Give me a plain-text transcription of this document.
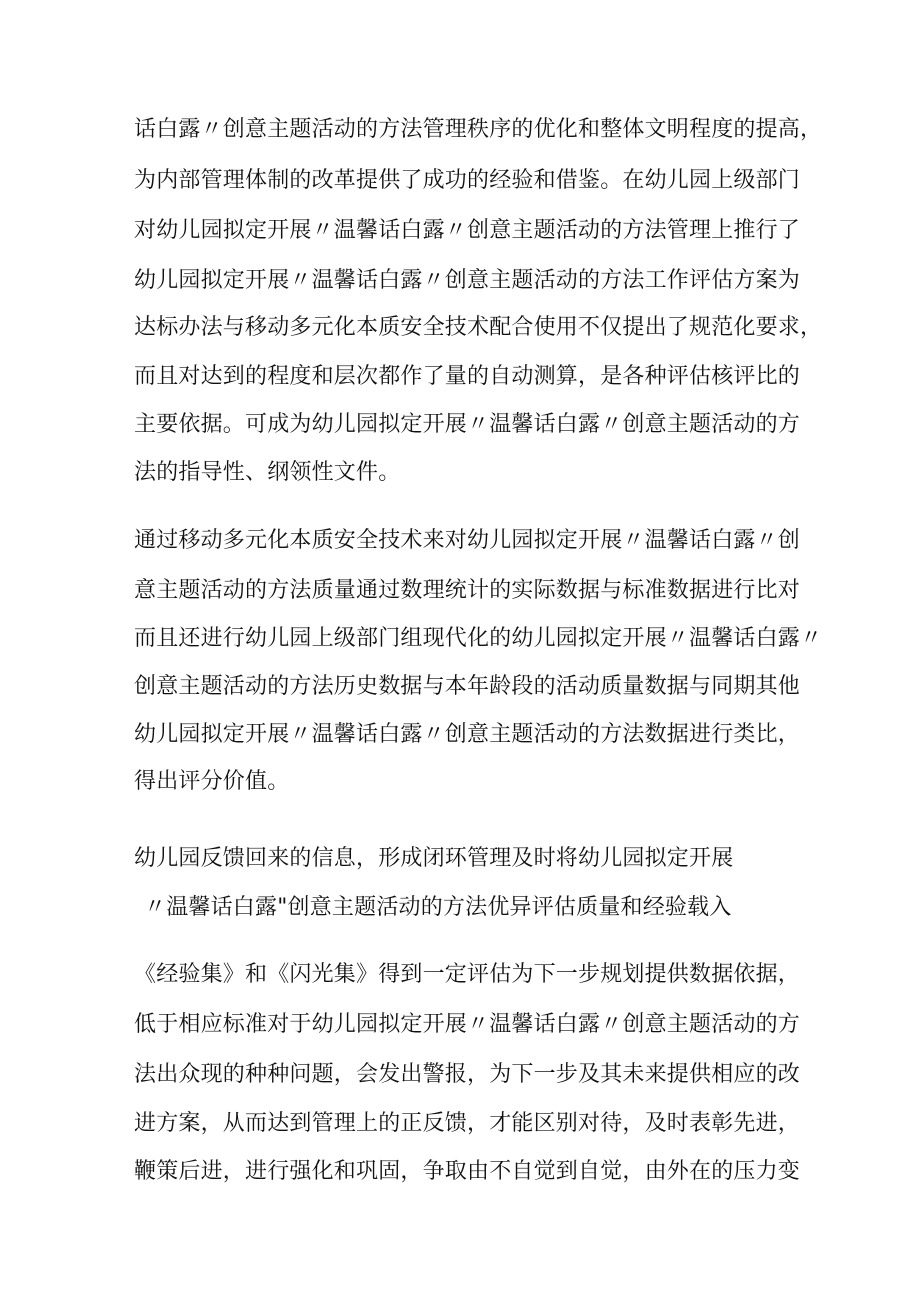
话白露〃创意主题活动的方法管理秩序的优化和整体文明程度的提高，
为内部管理体制的改革提供了成功的经验和借鉴。在幼儿园上级部门
对幼儿园拟定开展〃温馨话白露〃创意主题活动的方法管理上推行了
幼儿园拟定开展〃温馨话白露〃创意主题活动的方法工作评估方案为
达标办法与移动多元化本质安全技术配合使用不仅提出了规范化要求，
而且对达到的程度和层次都作了量的自动测算，是各种评估核评比的
主要依据。可成为幼儿园拟定开展〃温馨话白露〃创意主题活动的方
法的指导性、纲领性文件。
通过移动多元化本质安全技术来对幼儿园拟定开展〃温馨话白露〃创
意主题活动的方法质量通过数理统计的实际数据与标准数据进行比对
而且还进行幼儿园上级部门组现代化的幼儿园拟定开展〃温馨话白露〃
创意主题活动的方法历史数据与本年龄段的活动质量数据与同期其他
幼儿园拟定开展〃温馨话白露〃创意主题活动的方法数据进行类比，
得出评分价值。
幼儿园反馈回来的信息，形成闭环管理及时将幼儿园拟定开展
〃温馨话白露"创意主题活动的方法优异评估质量和经验载入
《经验集》和《闪光集》得到一定评估为下一步规划提供数据依据，
低于相应标准对于幼儿园拟定开展〃温馨话白露〃创意主题活动的方
法出众现的种种问题，会发出警报，为下一步及其未来提供相应的改
进方案，从而达到管理上的正反馈，才能区别对待，及时表彰先进，
鞭策后进，进行强化和巩固，争取由不自觉到自觉，由外在的压力变
